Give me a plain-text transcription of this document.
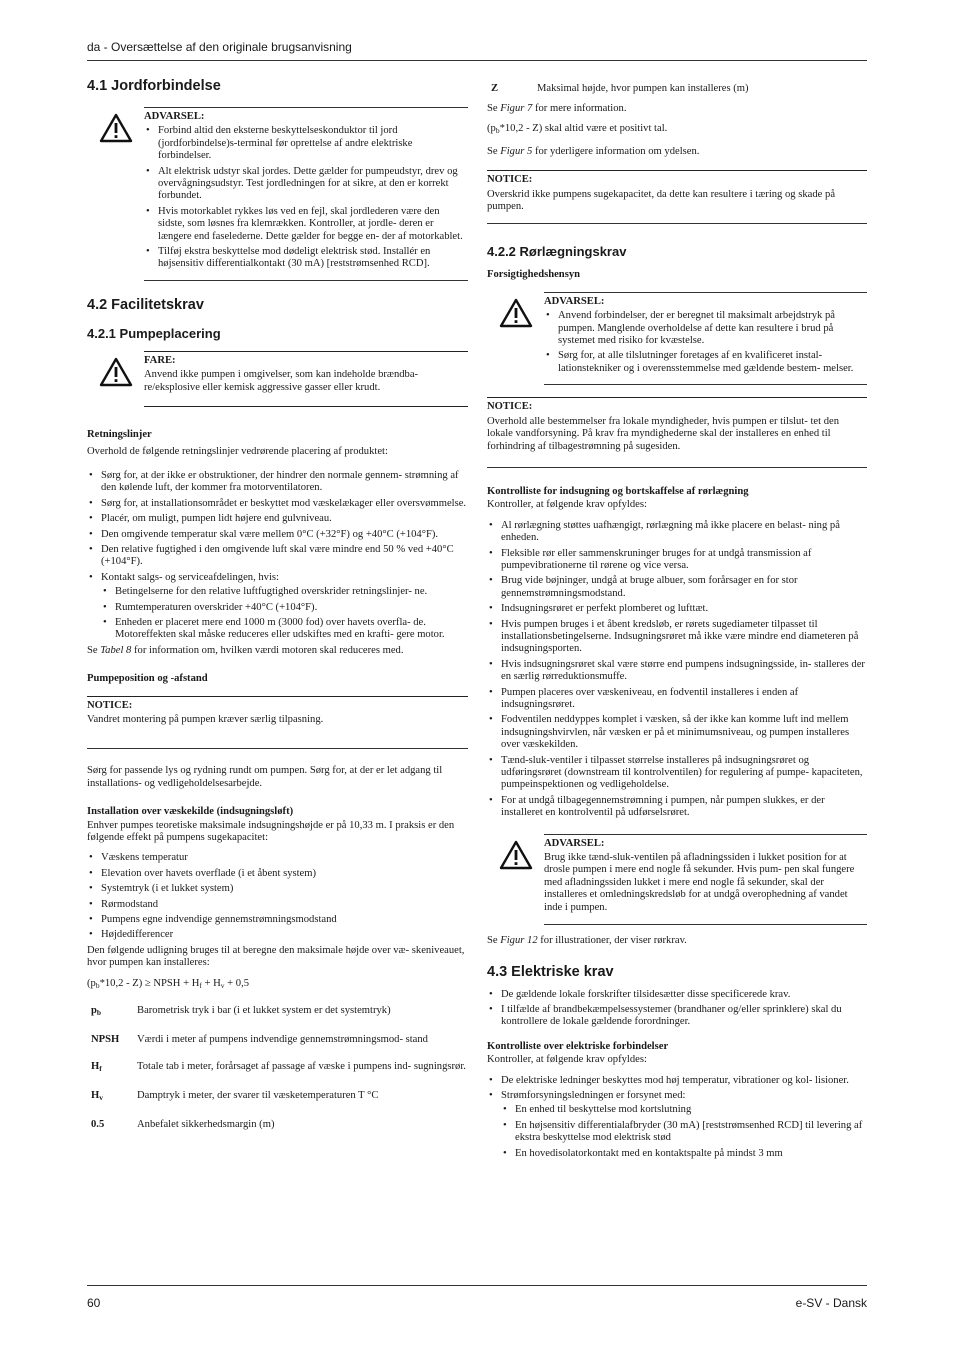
da - Oversættelse af den originale brugsanvisning
4.1 Jordforbindelse
ADVARSEL:
• Forbind altid den eksterne beskyttelseskonduktor til jord (jordforbindelse)s-terminal før oprettelse af andre elektriske forbindelser.
• Alt elektrisk udstyr skal jordes. Dette gælder for pumpeudstyr, drev og overvågningsudstyr. Test jordledningen for at sikre, at den er korrekt forbundet.
• Hvis motorkablet rykkes løs ved en fejl, skal jordlederen være den sidste, som løsnes fra klemrækken. Kontroller, at jordle- deren er længere end faselederne. Dette gælder for begge en- der af motorkablet.
• Tilføj ekstra beskyttelse mod dødeligt elektrisk stød. Installér en højsensitiv differentialkontakt (30 mA) [reststrømsenhed RCD].
4.2 Facilitetskrav
4.2.1 Pumpeplacering
FARE:

Anvend ikke pumpen i omgivelser, som kan indeholde brændba- re/eksplosive eller kemisk aggressive gasser eller krudt.

Retningslinjer

Overhold de følgende retningslinjer vedrørende placering af produktet:

• Sørg for, at der ikke er obstruktioner, der hindrer den normale gennem- strømning af den kølende luft, der kommer fra motorventilatoren.
• Sørg for, at installationsområdet er beskyttet mod væskelækager eller oversvømmelse.
• Placér, om muligt, pumpen lidt højere end gulvniveau.
• Den omgivende temperatur skal være mellem 0°C (+32°F) og +40°C (+104°F).
• Den relative fugtighed i den omgivende luft skal være mindre end 50 % ved +40°C (+104°F).
• Kontakt salgs- og serviceafdelingen, hvis:
• Betingelserne for den relative luftfugtighed overskrider retningslinjer- ne.
• Rumtemperaturen overskrider +40°C (+104°F).
• Enheden er placeret mere end 1000 m (3000 fod) over havets overfla- de. Motoreffekten skal måske reduceres eller udskiftes med en krafti- gere motor.

Se Tabel 8 for information om, hvilken værdi motoren skal reduceres med.

Pumpeposition og -afstand
NOTICE:

Vandret montering på pumpen kræver særlig tilpasning.

Sørg for passende lys og rydning rundt om pumpen. Sørg for, at der er let adgang til installations- og vedligeholdelsesarbejde.

Installation over væskekilde (indsugningsløft)

Enhver pumpes teoretiske maksimale indsugningshøjde er på 10,33 m. I praksis er den følgende effekt på pumpens sugekapacitet:

• Væskens temperatur
• Elevation over havets overflade (i et åbent system)
• Systemtryk (i et lukket system)
• Rørmodstand
• Pumpens egne indvendige gennemstrømningsmodstand
• Højdedifferencer

Den følgende udligning bruges til at beregne den maksimale højde over væ- skeniveauet, hvor pumpen kan installeres:

$(p_b*10,2 - Z)$ ≥ NPSH + $H_f + H_v + 0,5$

$p_b$	Barometrisk tryk i bar (i et lukket system er det systemtryk)
NPSH	Værdi i meter af pumpens indvendige gennemstrømningsmod- stand
$H_f$	Totale tab i meter, forårsaget af passage af væske i pumpens ind- sugningsrør.
$H_v$	Damptryk i meter, der svarer til væsketemperaturen T °C
0.5	Anbefalet sikkerhedsmargin (m)
Z	Maksimal højde, hvor pumpen kan installeres (m)

Se Figur 7 for mere information.

$(p_b*10,2 - Z)$ skal altid være et positivt tal.

Se Figur 5 for yderligere information om ydelsen.

NOTICE:

Overskrid ikke pumpens sugekapacitet, da dette kan resultere i tæring og skade på pumpen.

4.2.2 Rørlægningskrav
Forsigtighedshensyn
ADVARSEL:
• Anvend forbindelser, der er beregnet til maksimalt arbejdstryk på pumpen. Manglende overholdelse af dette kan resultere i brud på systemet med risiko for kvæstelse.
• Sørg for, at alle tilslutninger foretages af en kvalificeret instal- lationstekniker og i overensstemmelse med gældende bestem- melser.
NOTICE:

Overhold alle bestemmelser fra lokale myndigheder, hvis pumpen er tilslut- tet den lokale vandforsyning. På krav fra myndighederne skal der installeres en enhed til forhindring af tilbagestrømning på sugesiden.

Kontrolliste for indsugning og bortskaffelse af rørlægning

Kontroller, at følgende krav opfyldes:

• Al rørlægning støttes uafhængigt, rørlægning må ikke placere en belast- ning på enheden.
• Fleksible rør eller sammenskruninger bruges for at undgå transmission af pumpevibrationerne til rørene og vice versa.
• Brug vide bøjninger, undgå at bruge albuer, som forårsager en for stor gennemstrømningsmodstand.
• Indsugningsrøret er perfekt plomberet og lufttæt.
• Hvis pumpen bruges i et åbent kredsløb, er rørets sugediameter tilpasset til installationsbetingelserne. Indsugningsrøret må ikke være mindre end diameteren på indsugningsporten.
• Hvis indsugningsrøret skal være større end pumpens indsugningsside, in- stalleres der en særlig rørreduktionsmuffe.
• Pumpen placeres over væskeniveau, en fodventil installeres i enden af indsugningsrøret.
• Fodventilen neddyppes komplet i væsken, så der ikke kan komme luft ind mellem indsugningshvirvlen, når væsken er på et minimumsniveau, og pumpen installeres over væskekilden.
• Tænd-sluk-ventiler i tilpasset størrelse installeres på indsugningsrøret og udføringsrøret (downstream til kontrolventilen) for regulering af pumpe- kapaciteten, pumpeinspektionen og vedligeholdelse.
• For at undgå tilbagegennemstrømning i pumpen, når pumpen slukkes, er der installeret en kontrolventil på udførselsrøret.
ADVARSEL:

Brug ikke tænd-sluk-ventilen på afladningssiden i lukket position for at drosle pumpen i mere end nogle få sekunder. Hvis pum- pen skal fungere med afladningssiden lukket i mere end nogle få sekunder, skal der installeres et omledningskredsløb for at undgå overophedning af vandet inde i pumpen.

Se Figur 12 for illustrationer, der viser rørkrav.

4.3 Elektriske krav
• De gældende lokale forskrifter tilsidesætter disse specificerede krav.
• I tilfælde af brandbekæmpelsessystemer (brandhaner og/eller sprinklere) skal du kontrollere de lokale gældende forordninger.
Kontrolliste over elektriske forbindelser

Kontroller, at følgende krav opfyldes:

• De elektriske ledninger beskyttes mod høj temperatur, vibrationer og kol- lisioner.
• Strømforsyningsledningen er forsynet med:
• En enhed til beskyttelse mod kortslutning
• En højsensitiv differentialafbryder (30 mA) [reststrømsenhed RCD] til levering af ekstra beskyttelse mod elektrisk stød
• En hovedisolatorkontakt med en kontaktspalte på mindst 3 mm
60	e-SV - Dansk
